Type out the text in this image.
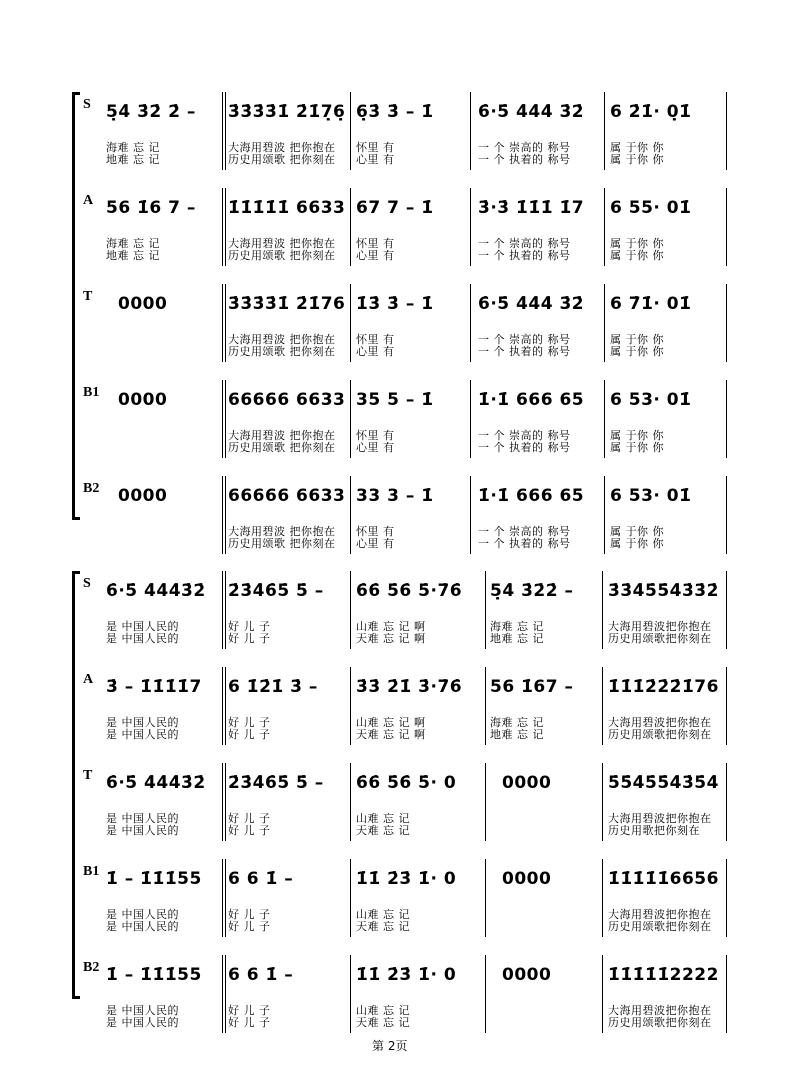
S 5̣4̇ 3̇2̇ 2̇ –
海难 忘 记
地难 忘 记
3̇3̇3̇3̇1̇ 2̇1̇7̣6̣
大海用碧波 把你抱在
历史用颂歌 把你刻在
6̣3̇ 3̇ – 1̇
怀里 有
心里 有
6̇·5̇ 4̇4̇4̇ 3̇2̇
一 个 崇高的 称号
一 个 执着的 称号
6 2̇1̇· 0̣1̇
属 于你 你
属 于你 你
A 56 1̇6 7 –
海难 忘 记
地难 忘 记
1̇1̇1̇1̇1̇ 6633
大海用碧波 把你抱在
历史用颂歌 把你刻在
67 7 – 1̇
怀里 有
心里 有
3̇·3̇ 1̇1̇1̇ 1̇7
一 个 崇高的 称号
一 个 执着的 称号
6 55· 01̇
属 于你 你
属 于你 你
T 0000	3̇3̇3̇3̇1̇ 2̇1̇76
大海用碧波 把你抱在
历史用颂歌 把你刻在
1̇3̇ 3̇ – 1̇
怀里 有
心里 有
6̇·5̇ 4̇4̇4̇ 3̇2̇
一 个 崇高的 称号
一 个 执着的 称号
6 7̇1̇· 01̇
属 于你 你
属 于你 你
B1 0000	66666 6633
大海用碧波 把你抱在
历史用颂歌 把你刻在
35 5 – 1̇
怀里 有
心里 有
1̇·1̇ 666 65
一 个 崇高的 称号
一 个 执着的 称号
6 53· 01̇
属 于你 你
属 于你 你
B2 0000	66666 6633
大海用碧波 把你抱在
历史用颂歌 把你刻在
33 3 – 1̇
怀里 有
心里 有
1̇·1̇ 666 65
一 个 崇高的 称号
一 个 执着的 称号
6 53· 01̇
属 于你 你
属 于你 你
S 6̇·5̇ 4̇4̇4̇3̇2̇
是 中国人民的
是 中国人民的
2̇3̇4̇6̇5̇ 5̇ –
好 儿 子
好 儿 子
6̇6̇ 5̇6̇ 5̇·7̇6̇
山难 忘 记 啊
天难 忘 记 啊
5̣4̇ 3̇2̇2̇ –
海难 忘 记
地难 忘 记
3̇3̇4̇5̇5̇4̇3̇3̇2̇
大海用碧波把你抱在
历史用颂歌把你刻在
A 3̇ – 1̇1̇1̇1̇7
是 中国人民的
是 中国人民的
6 1̇2̇1̇ 3̇ –
好 儿 子
好 儿 子
3̇3̇ 2̇1̇ 3̇·7̇6̇
山难 忘 记 啊
天难 忘 记 啊
56 1̇67 –
海难 忘 记
地难 忘 记
1̇1̇1̇2̇2̇2̇1̇76
大海用碧波把你抱在
历史用颂歌把你刻在
T 6̇·5̇ 4̇4̇4̇3̇2̇
是 中国人民的
是 中国人民的
2̇3̇4̇6̇5̇ 5̇ –
好 儿 子
好 儿 子
6̇6̇ 5̇6̇ 5̇· 0
山难 忘 记
天难 忘 记
0000	5̇5̇4̇5̇5̇4̇3̇5̇4̇
大海用碧波把你抱在
历史用歌把你刻在
B1 1̇ – 1̇1̇1̇55
是 中国人民的
是 中国人民的
6 6 1̇ –
好 儿 子
好 儿 子
1̇1̇ 2̇3̇ 1̇· 0
山难 忘 记
天难 忘 记
0000	1̇1̇1̇1̇1̇6656
大海用碧波把你抱在
历史用颂歌把你刻在
B2 1̇ – 1̇1̇1̇55
是 中国人民的
是 中国人民的
6 6 1̇ –
好 儿 子
好 儿 子
1̇1̇ 2̇3̇ 1̇· 0
山难 忘 记
天难 忘 记
0000	1̇1̇1̇1̇1̇2222
大海用碧波把你抱在
历史用颂歌把你刻在
第 2页
